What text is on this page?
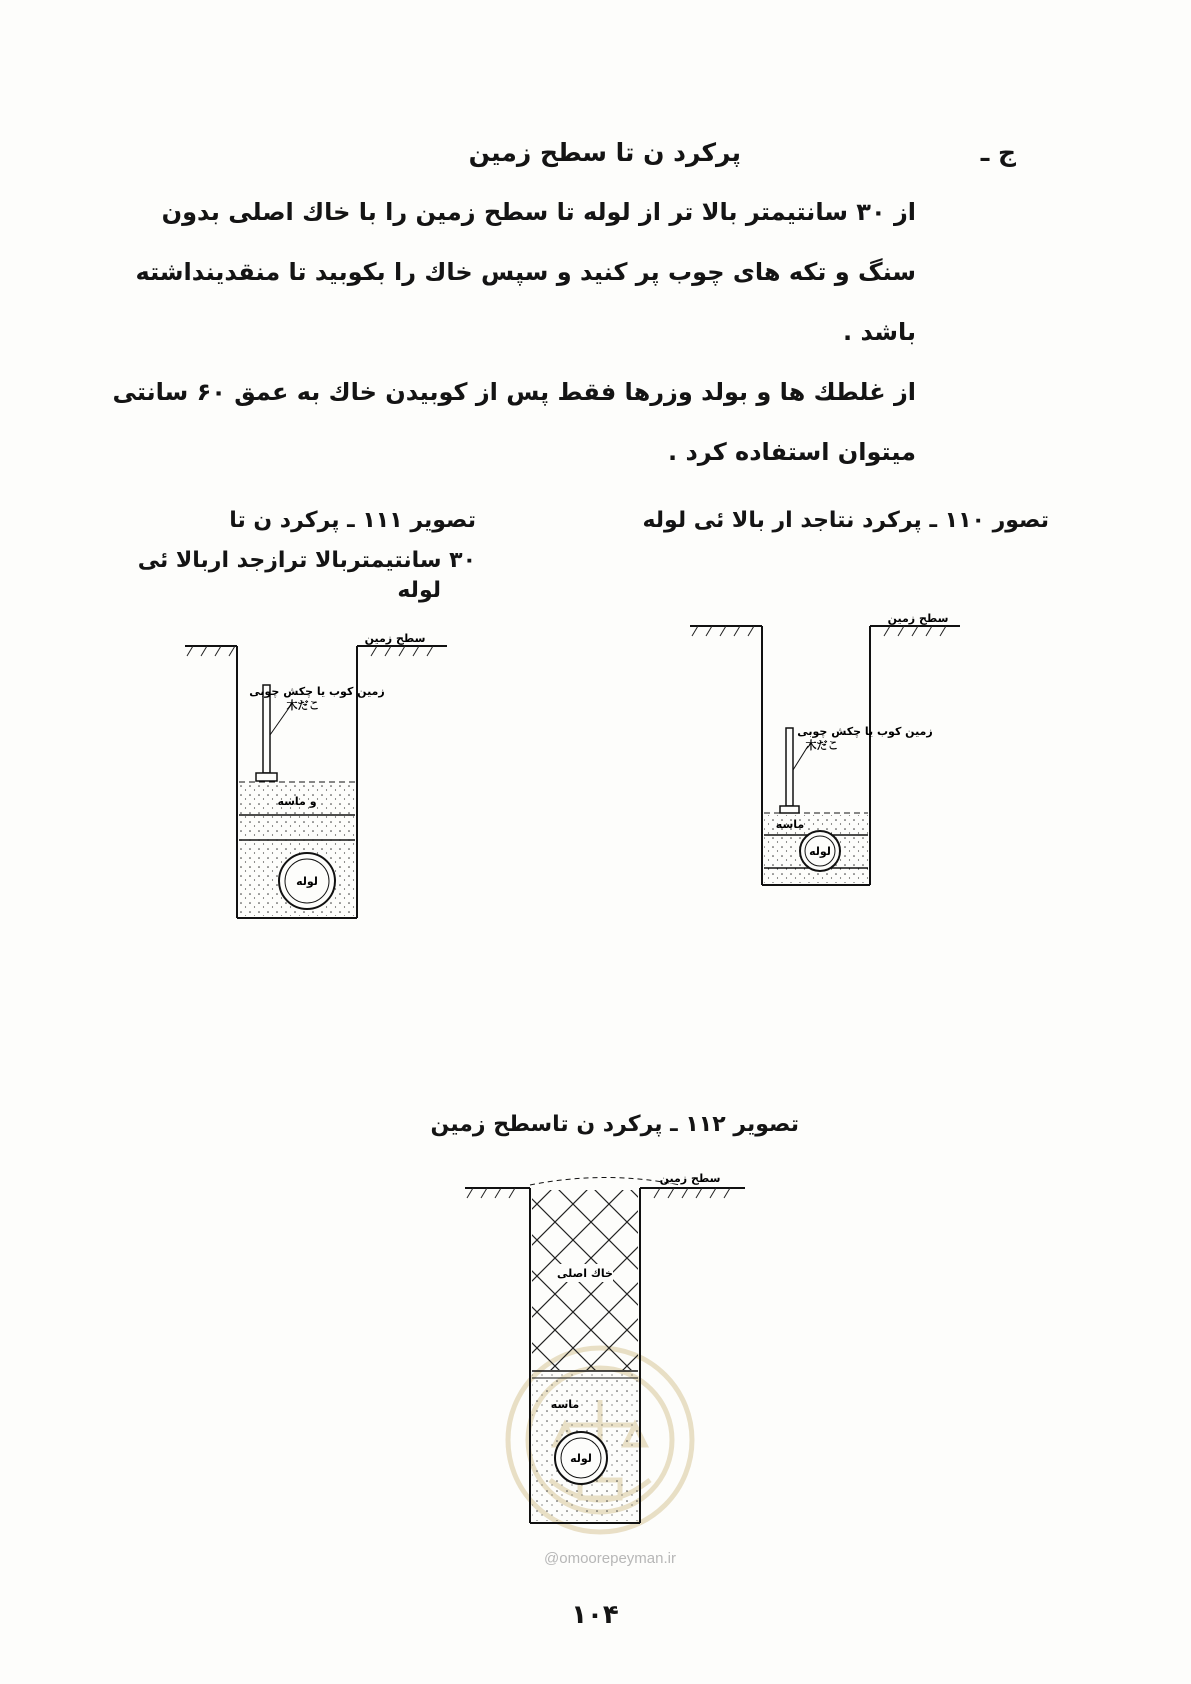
ج ـ
پرکرد ن تا سطح زمین
از ۳۰ سانتیمتر بالا تر از لوله تا سطح زمین را با خاك اصلی بدون
سنگ و تکه های چوب پر کنید و سپس خاك را بکوبید تا منقدینداشته
باشد .
از غلطك ها و بولد وزرها فقط پس از کوبیدن خاك به عمق ۶۰ سانتی
میتوان استفاده کرد .
تصور ۱۱۰ ـ پرکرد نتاجد ار بالا ئی لوله
تصویر ۱۱۱ ـ پرکرد ن تا
۳۰ سانتیمتربالا ترازجد اربالا ئی
لوله
سطح زمین
زمین کوب یا چکش چوبی
木だこ
ماسه
لوله
سطح زمین
زمین کوب یا چکش چوبی
木だこ
و ماسه
لوله
تصویر ۱۱۲ ـ پرکرد ن تاسطح زمین
سطح زمین
خاك اصلی
ماسه
لوله
@omoorepeyman.ir
۱۰۴
